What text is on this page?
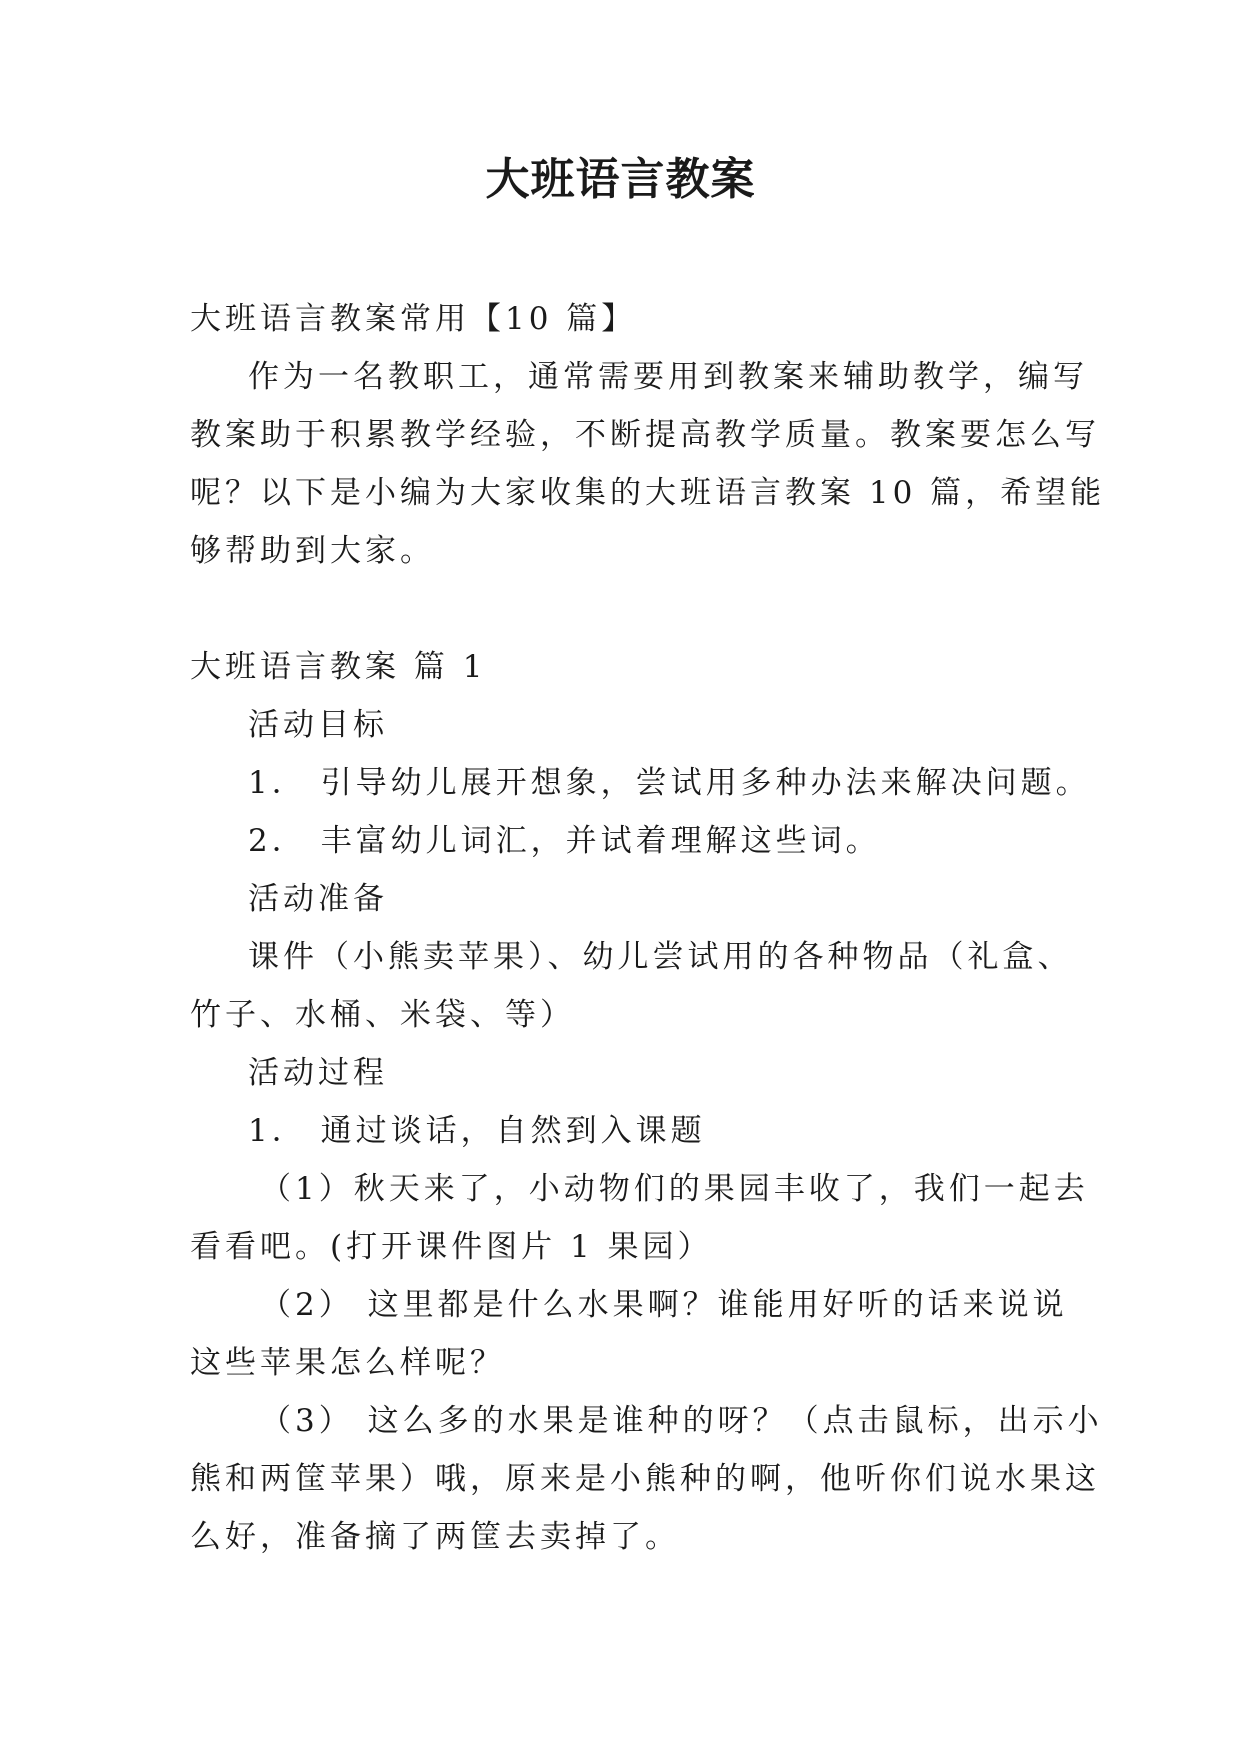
大班语言教案

大班语言教案常用【10 篇】

作为一名教职工，通常需要用到教案来辅助教学，编写

教案助于积累教学经验，不断提高教学质量。教案要怎么写

呢？以下是小编为大家收集的大班语言教案 10 篇，希望能

够帮助到大家。

大班语言教案 篇 1

活动目标

1． 引导幼儿展开想象，尝试用多种办法来解决问题。

2． 丰富幼儿词汇，并试着理解这些词。

活动准备

课件（小熊卖苹果）、幼儿尝试用的各种物品（礼盒、

竹子、水桶、米袋、等）

活动过程

1． 通过谈话，自然到入课题

（1）秋天来了，小动物们的果园丰收了，我们一起去

看看吧。(打开课件图片 1 果园）

（2） 这里都是什么水果啊？谁能用好听的话来说说

这些苹果怎么样呢？

（3） 这么多的水果是谁种的呀？（点击鼠标，出示小

熊和两筐苹果）哦，原来是小熊种的啊，他听你们说水果这

么好，准备摘了两筐去卖掉了。
